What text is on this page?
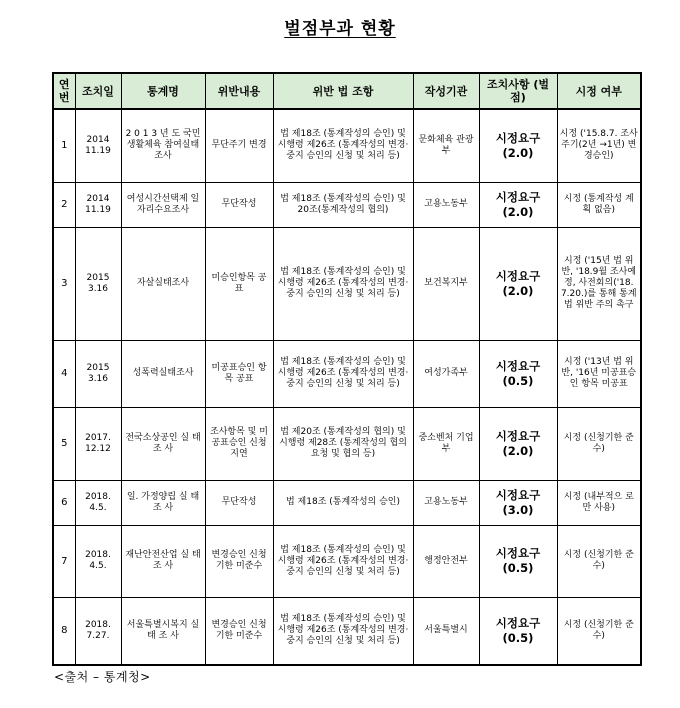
벌점부과 현황
연번	조치일	통계명	위반내용	위반 법 조항	작성기관	조치사항 (벌점)	시정 여부
1	2014 11.19	2 0 1 3 년 도 국민생활체육 참여실태조사	무단주기 변경	법 제18조 (통계작성의 승인) 및 시행령 제26조 (통계작성의 변경·중지 승인의 신청 및 처리 등)	문화체육 관광부	시정요구 (2.0)	시정 ('15.8.7. 조사주기(2년 →1년) 변경승인)
2	2014 11.19	여성시간선택제 일자리수요조사	무단작성	법 제18조 (통계작성의 승인) 및 20조(통계작성의 협의)	고용노동부	시정요구 (2.0)	시정 (통계작성 계획 없음)
3	2015 3.16	자살실태조사	미승인항목 공표	법 제18조 (통계작성의 승인) 및 시행령 제26조 (통계작성의 변경·중지 승인의 신청 및 처리 등)	보건복지부	시정요구 (2.0)	시정 ('15년 법 위반, '18.9월 조사예정, 사전회의('18. 7.20.)를 통해 통계법 위반 주의 촉구
4	2015 3.16	성폭력실태조사	미공표승인 항목 공표	법 제18조 (통계작성의 승인) 및 시행령 제26조 (통계작성의 변경·중지 승인의 신청 및 처리 등)	여성가족부	시정요구 (0.5)	시정 ('13년 법 위반, '16년 미공표승인 항목 미공표
5	2017. 12.12	전국소상공인 실 태 조 사	조사항목 및 미공표승인 신청 지연	법 제20조 (통계작성의 협의) 및 시행령 제28조 (통계작성의 협의요청 및 협의 등)	중소벤처 기업부	시정요구 (2.0)	시정 (신청기한 준수)
6	2018. 4.5.	일. 가정양립 실 태 조 사	무단작성	법 제18조 (통계작성의 승인)	고용노동부	시정요구 (3.0)	시정 (내부적으 로만 사용)
7	2018. 4.5.	재난안전산업 실 태 조 사	변경승인 신청기한 미준수	법 제18조 (통계작성의 승인) 및 시행령 제26조 (통계작성의 변경·중지 승인의 신청 및 처리 등)	행정안전부	시정요구 (0.5)	시정 (신청기한 준수)
8	2018. 7.27.	서울특별시복지 실 태 조 사	변경승인 신청기한 미준수	법 제18조 (통계작성의 승인) 및 시행령 제26조 (통계작성의 변경·중지 승인의 신청 및 처리 등)	서울특별시	시정요구 (0.5)	시정 (신청기한 준수)
<출처 – 통계청>
